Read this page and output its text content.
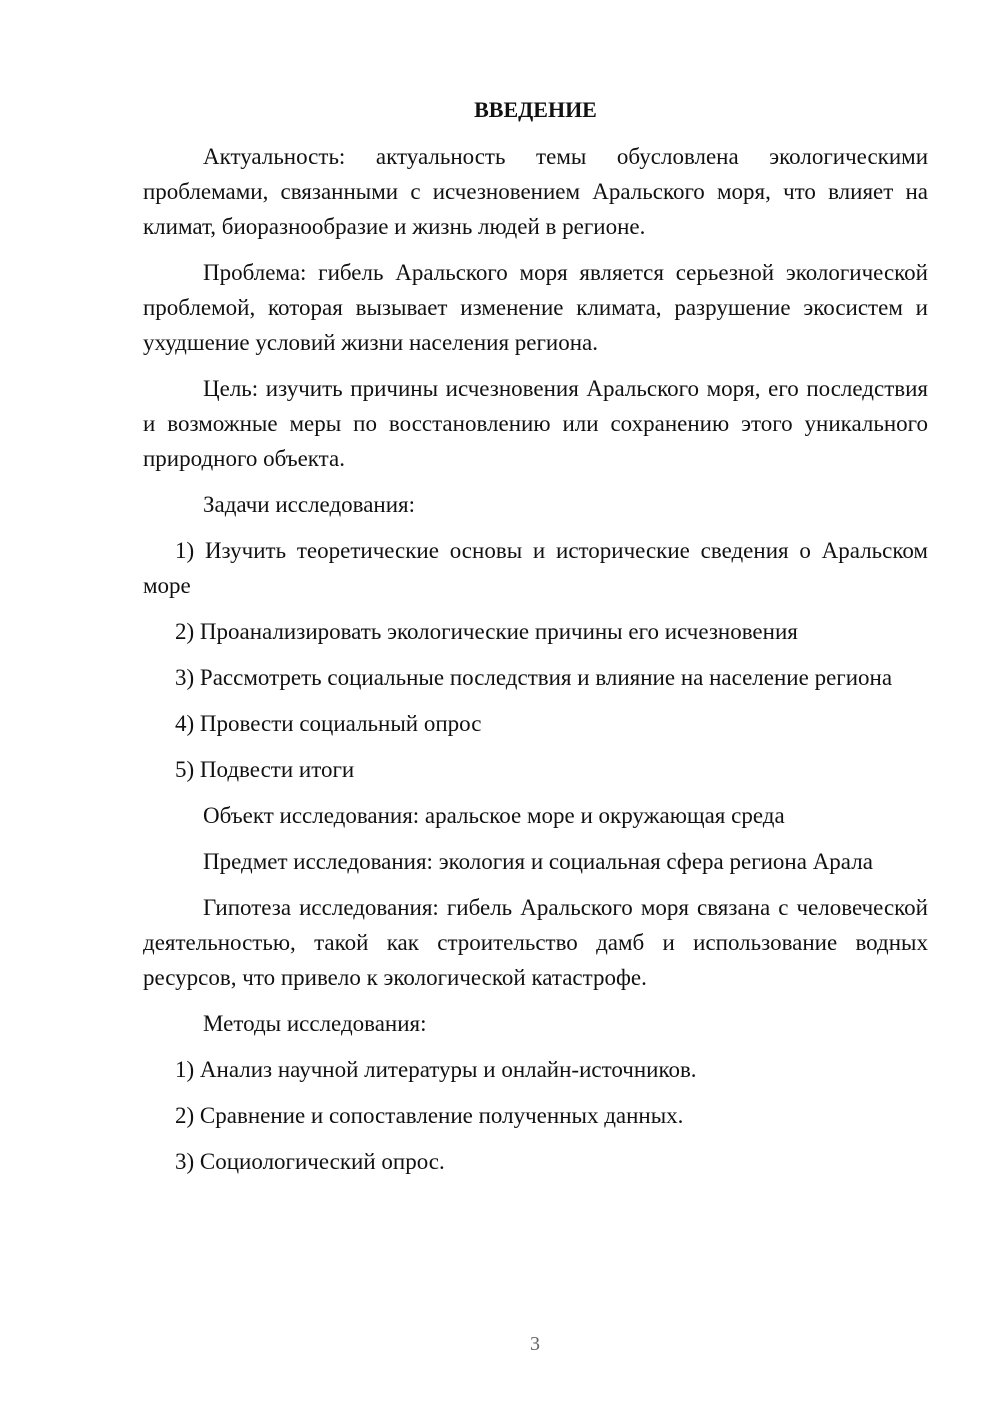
ВВЕДЕНИЕ
Актуальность: актуальность темы обусловлена экологическими проблемами, связанными с исчезновением Аральского моря, что влияет на климат, биоразнообразие и жизнь людей в регионе.
Проблема: гибель Аральского моря является серьезной экологической проблемой, которая вызывает изменение климата, разрушение экосистем и ухудшение условий жизни населения региона.
Цель: изучить причины исчезновения Аральского моря, его последствия и возможные меры по восстановлению или сохранению этого уникального природного объекта.
Задачи исследования:
1) Изучить теоретические основы и исторические сведения о Аральском море
2) Проанализировать экологические причины его исчезновения
3) Рассмотреть социальные последствия и влияние на население региона
4) Провести социальный опрос
5) Подвести итоги
Объект исследования: аральское море и окружающая среда
Предмет исследования: экология и социальная сфера региона Арала
Гипотеза исследования: гибель Аральского моря связана с человеческой деятельностью, такой как строительство дамб и использование водных ресурсов, что привело к экологической катастрофе.
Методы исследования:
1) Анализ научной литературы и онлайн-источников.
2) Сравнение и сопоставление полученных данных.
3) Социологический опрос.
3
